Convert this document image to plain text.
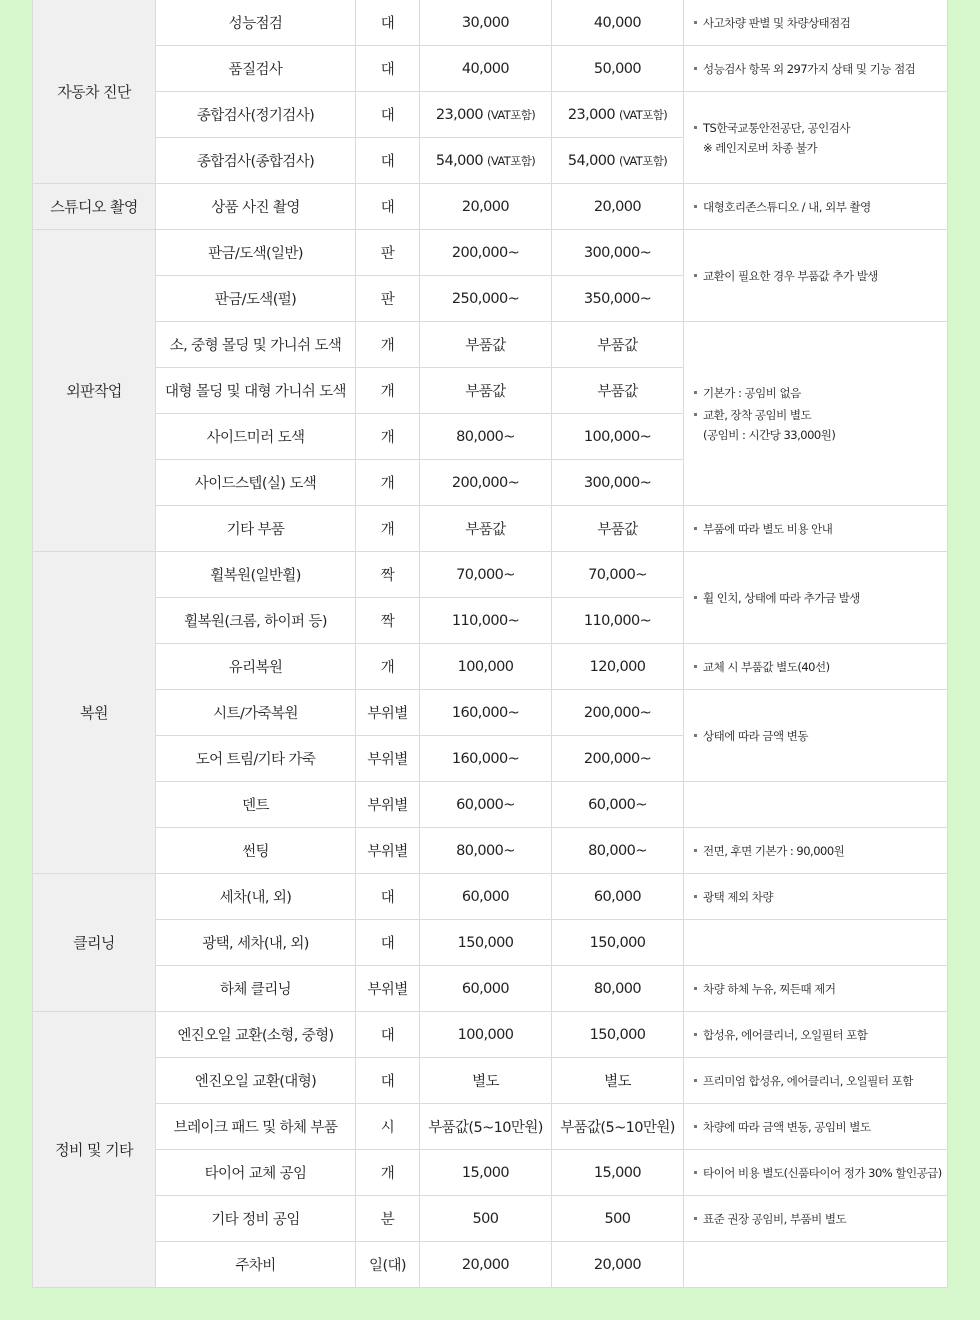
자동차 진단	성능점검	대	30,000	40,000	사고차량 판별 및 차량상태점검

	품질검사	대	40,000	50,000	성능검사 항목 외 297가지 상태 및 기능 점검

	종합검사(정기검사)	대	23,000 (VAT포함)	23,000 (VAT포함)	TS한국교통안전공단, 공인검사
※ 레인지로버 차종 불가

	종합검사(종합검사)	대	54,000 (VAT포함)	54,000 (VAT포함)	
스튜디오 촬영	상품 사진 촬영	대	20,000	20,000	대형호리존스튜디오 / 내, 외부 촬영

외판작업	판금/도색(일반)	판	200,000~	300,000~	교환이 필요한 경우 부품값 추가 발생

	판금/도색(펄)	판	250,000~	350,000~	
	소, 중형 몰딩 및 가니쉬 도색	개	부품값	부품값	기본가 : 공임비 없음
교환, 장착 공임비 별도
(공임비 : 시간당 33,000원)

	대형 몰딩 및 대형 가니쉬 도색	개	부품값	부품값	
	사이드미러 도색	개	80,000~	100,000~	
	사이드스텝(실) 도색	개	200,000~	300,000~	
	기타 부품	개	부품값	부품값	부품에 따라 별도 비용 안내

복원	휠복원(일반휠)	짝	70,000~	70,000~	휠 인치, 상태에 따라 추가금 발생

	휠복원(크롬, 하이퍼 등)	짝	110,000~	110,000~	
	유리복원	개	100,000	120,000	교체 시 부품값 별도(40선)

	시트/가죽복원	부위별	160,000~	200,000~	상태에 따라 금액 변동

	도어 트림/기타 가죽	부위별	160,000~	200,000~	
	덴트	부위별	60,000~	60,000~	
	썬팅	부위별	80,000~	80,000~	전면, 후면 기본가 : 90,000원

클리닝	세차(내, 외)	대	60,000	60,000	광택 제외 차량

	광택, 세차(내, 외)	대	150,000	150,000	
	하체 클리닝	부위별	60,000	80,000	차량 하체 누유, 찌든때 제거

정비 및 기타	엔진오일 교환(소형, 중형)	대	100,000	150,000	합성유, 에어클리너, 오일필터 포함

	엔진오일 교환(대형)	대	별도	별도	프리미엄 합성유, 에어클리너, 오일필터 포함

	브레이크 패드 및 하체 부품	시	부품값(5~10만원)	부품값(5~10만원)	차량에 따라 금액 변동, 공임비 별도

	타이어 교체 공임	개	15,000	15,000	타이어 비용 별도(신품타이어 정가 30% 할인공급)

	기타 정비 공임	분	500	500	표준 권장 공임비, 부품비 별도

	주차비	일(대)	20,000	20,000	
